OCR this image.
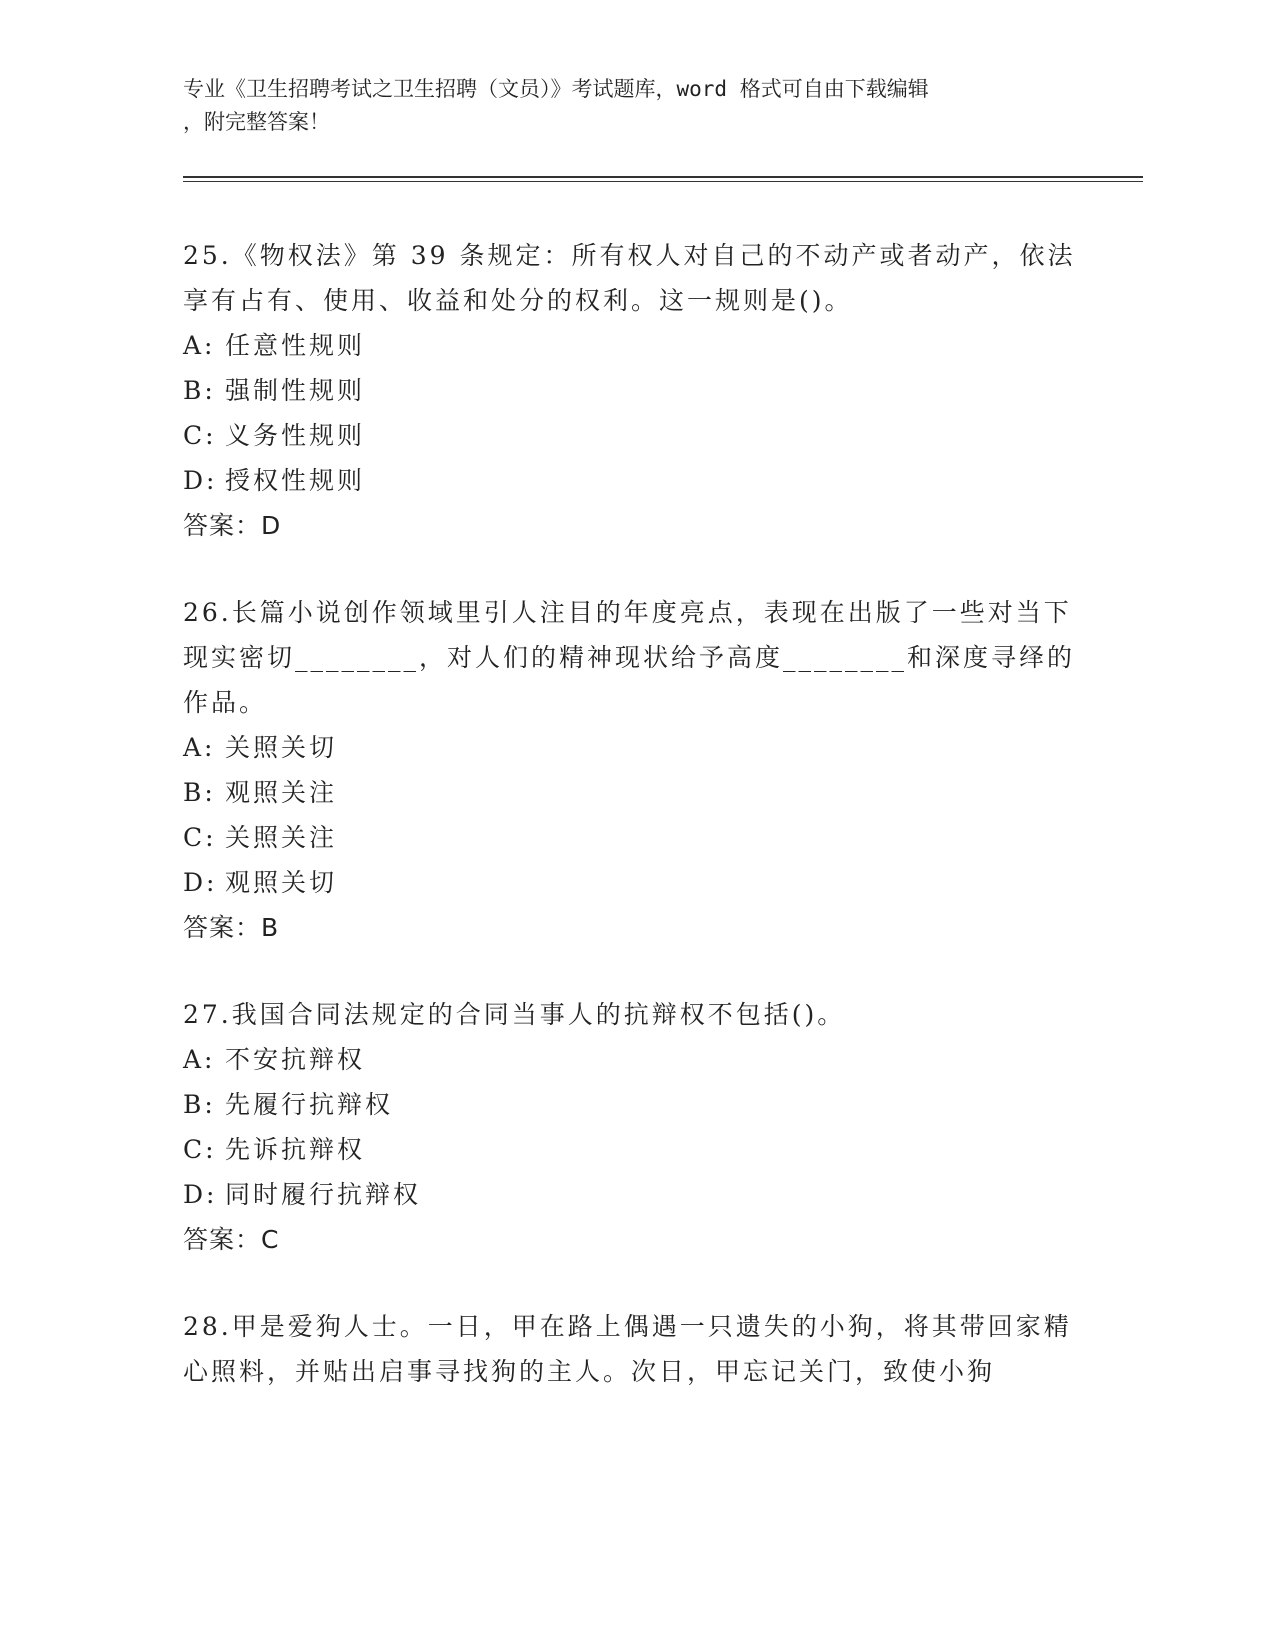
专业《卫生招聘考试之卫生招聘（文员）》考试题库，word 格式可自由下载编辑
，附完整答案！

25.《物权法》第 39 条规定：所有权人对自己的不动产或者动产，依法享有占有、使用、收益和处分的权利。这一规则是()。

A: 任意性规则
B: 强制性规则
C: 义务性规则
D: 授权性规则

答案：D

26.长篇小说创作领域里引人注目的年度亮点，表现在出版了一些对当下现实密切________，对人们的精神现状给予高度________和深度寻绎的作品。

A: 关照关切
B: 观照关注
C: 关照关注
D: 观照关切

答案：B

27.我国合同法规定的合同当事人的抗辩权不包括()。

A: 不安抗辩权
B: 先履行抗辩权
C: 先诉抗辩权
D: 同时履行抗辩权

答案：C

28.甲是爱狗人士。一日，甲在路上偶遇一只遗失的小狗，将其带回家精心照料，并贴出启事寻找狗的主人。次日，甲忘记关门，致使小狗
